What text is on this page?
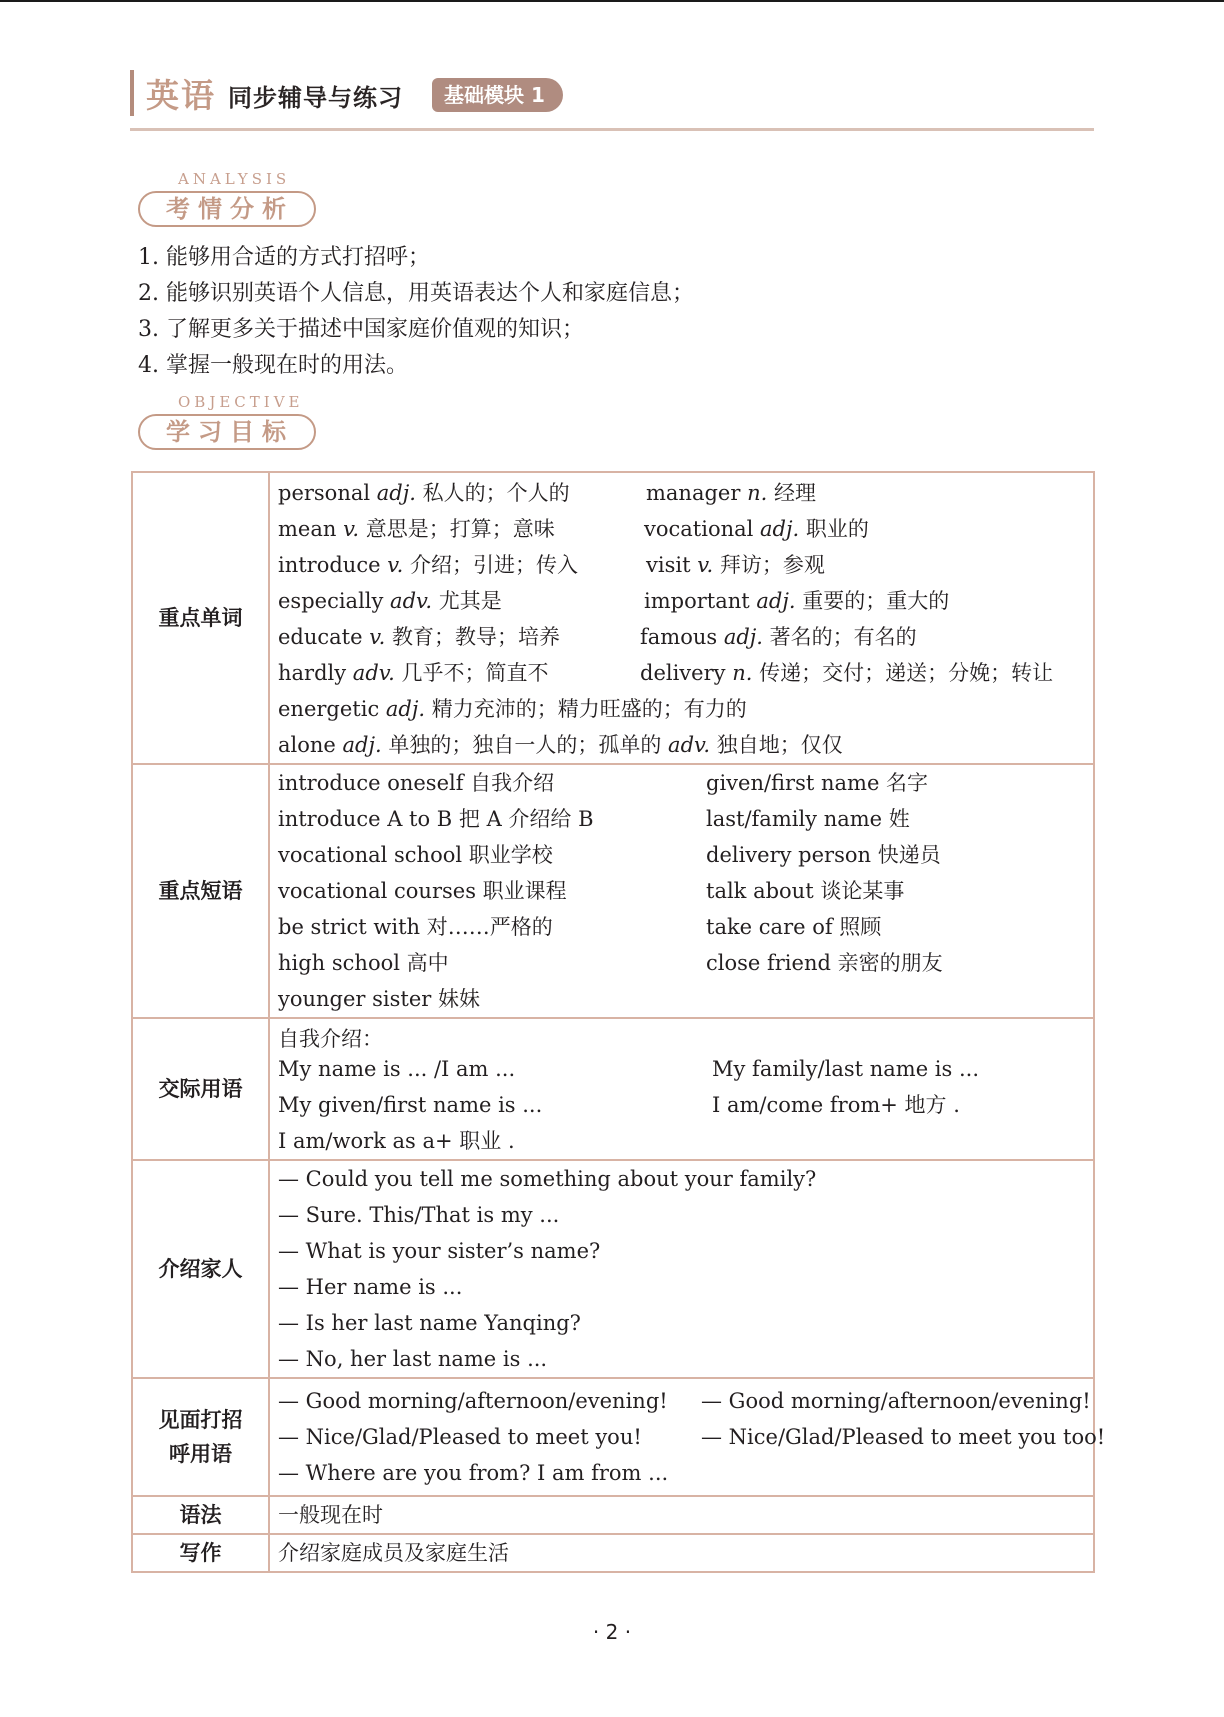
英语 同步辅导与练习	基础模块 1
ANALYSIS
考情分析
1. 能够用合适的方式打招呼；
2. 能够识别英语个人信息，用英语表达个人和家庭信息；
3. 了解更多关于描述中国家庭价值观的知识；
4. 掌握一般现在时的用法。
OBJECTIVE
学习目标
重点单词
personal adj. 私人的；个人的	manager n. 经理
mean v. 意思是；打算；意味	vocational adj. 职业的
introduce v. 介绍；引进；传入	visit v. 拜访；参观
especially adv. 尤其是	important adj. 重要的；重大的
educate v. 教育；教导；培养	famous adj. 著名的；有名的
hardly adv. 几乎不；简直不	delivery n. 传递；交付；递送；分娩；转让
energetic adj. 精力充沛的；精力旺盛的；有力的
alone adj. 单独的；独自一人的；孤单的 adv. 独自地；仅仅
重点短语
introduce oneself 自我介绍	given/first name 名字
introduce A to B 把 A 介绍给 B	last/family name 姓
vocational school 职业学校	delivery person 快递员
vocational courses 职业课程	talk about 谈论某事
be strict with 对……严格的	take care of 照顾
high school 高中	close friend 亲密的朋友
younger sister 妹妹
交际用语
自我介绍：
My name is ... /I am ...	My family/last name is ...
My given/first name is ...	I am/come from+ 地方 .
I am/work as a+ 职业 .
介绍家人
— Could you tell me something about your family?
— Sure. This/That is my ...
— What is your sister’s name?
— Her name is ...
— Is her last name Yanqing?
— No, her last name is ...
见面打招
呼用语
— Good morning/afternoon/evening! — Good morning/afternoon/evening!
— Nice/Glad/Pleased to meet you!	— Nice/Glad/Pleased to meet you too!
— Where are you from? I am from ...
语法	一般现在时
写作	介绍家庭成员及家庭生活
· 2 ·
